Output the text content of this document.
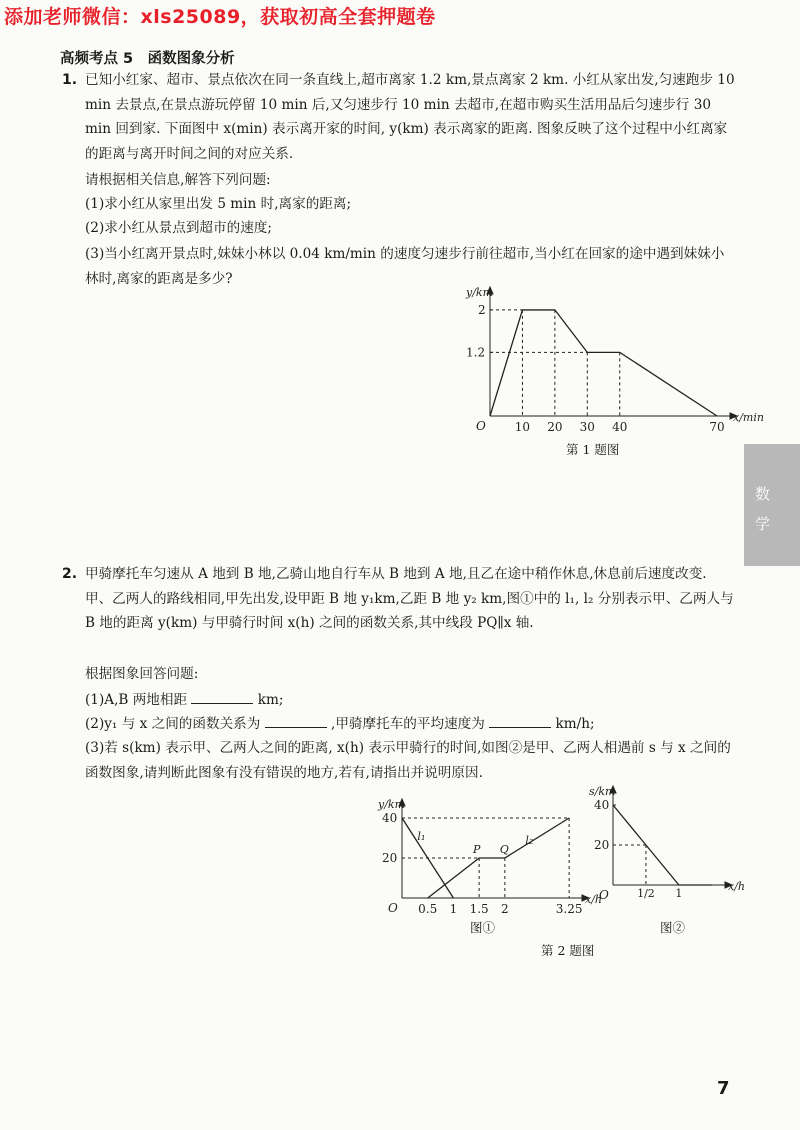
添加老师微信：xls25089，获取初高全套押题卷
高频考点 5　函数图象分析
1. 已知小红家、超市、景点依次在同一条直线上,超市离家 1.2 km,景点离家 2 km. 小红从家出发,匀速跑步 10 min 去景点,在景点游玩停留 10 min 后,又匀速步行 10 min 去超市,在超市购买生活用品后匀速步行 30 min 回到家. 下面图中 x(min) 表示离开家的时间, y(km) 表示离家的距离. 图象反映了这个过程中小红离家的距离与离开时间之间的对应关系.
请根据相关信息,解答下列问题:
(1)求小红从家里出发 5 min 时,离家的距离;
(2)求小红从景点到超市的速度;
(3)当小红离开景点时,妹妹小林以 0.04 km/min 的速度匀速步行前往超市,当小红在回家的途中遇到妹妹小林时,离家的距离是多少?
O
x/min
y/km
1.2
2
10 20 30 40	70
第 1 题图
数
学
2. 甲骑摩托车匀速从 A 地到 B 地,乙骑山地自行车从 B 地到 A 地,且乙在途中稍作休息,休息前后速度改变. 甲、乙两人的路线相同,甲先出发,设甲距 B 地 y₁km,乙距 B 地 y₂ km,图①中的 l₁, l₂ 分别表示甲、乙两人与 B 地的距离 y(km) 与甲骑行时间 x(h) 之间的函数关系,其中线段 PQ∥x 轴.
根据图象回答问题:
(1)A,B 两地相距	km;
(2)y₁ 与 x 之间的函数关系为	,甲骑摩托车的平均速度为	km/h;
(3)若 s(km) 表示甲、乙两人之间的距离, x(h) 表示甲骑行的时间,如图②是甲、乙两人相遇前 s 与 x 之间的函数图象,请判断此图象有没有错误的地方,若有,请指出并说明原因.
O
x/h
y/km
20
40
0.5 1 1.5 2	3.25
l₁	l₂
P Q
图①
O
x/h
s/km
20
40
1/2 1
图②
第 2 题图
7
